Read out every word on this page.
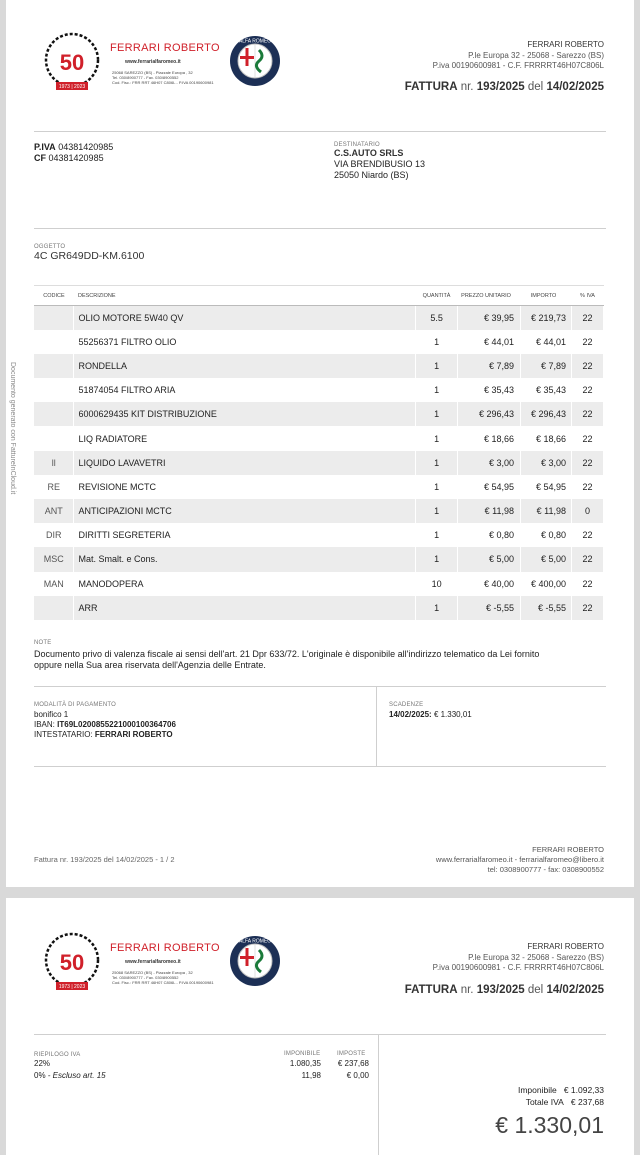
Documento generato con FattureInCloud.it
50
1973 | 2023
FERRARI ROBERTO
www.ferrarialfaromeo.it
25068 SAREZZO (BS) - Piazzale Europa , 32
Tel. 030/8900777 - Fax. 030/8900552
Cod. Fisc.: FRR RRT 46H07 C806L - P.IVA 00190600981
ALFA ROMEO	FERRARI ROBERTO
P.le Europa 32 - 25068 - Sarezzo (BS)
P.iva 00190600981 - C.F. FRRRRT46H07C806L
FATTURA nr. 193/2025 del 14/02/2025
P.IVA 04381420985
CF 04381420985
DESTINATARIO
C.S.AUTO SRLS
VIA BRENDIBUSIO 13
25050 Niardo (BS)
OGGETTO
4C GR649DD-KM.6100
CODICE	DESCRIZIONE	QUANTITÀ	PREZZO UNITARIO	IMPORTO	% IVA
	OLIO MOTORE 5W40 QV	5.5	€ 39,95	€ 219,73	22
	55256371 FILTRO OLIO	1	€ 44,01	€ 44,01	22
	RONDELLA	1	€ 7,89	€ 7,89	22
	51874054 FILTRO ARIA	1	€ 35,43	€ 35,43	22
	6000629435 KIT DISTRIBUZIONE	1	€ 296,43	€ 296,43	22
	LIQ RADIATORE	1	€ 18,66	€ 18,66	22
ll	LIQUIDO LAVAVETRI	1	€ 3,00	€ 3,00	22
RE	REVISIONE MCTC	1	€ 54,95	€ 54,95	22
ANT	ANTICIPAZIONI MCTC	1	€ 11,98	€ 11,98	0
DIR	DIRITTI SEGRETERIA	1	€ 0,80	€ 0,80	22
MSC	Mat. Smalt. e Cons.	1	€ 5,00	€ 5,00	22
MAN	MANODOPERA	10	€ 40,00	€ 400,00	22
	ARR	1	€ -5,55	€ -5,55	22
NOTE
Documento privo di valenza fiscale ai sensi dell'art. 21 Dpr 633/72. L'originale è disponibile all'indirizzo telematico da Lei fornito
oppure nella Sua area riservata dell'Agenzia delle Entrate.
MODALITÀ DI PAGAMENTO
bonifico 1
IBAN: IT69L0200855221000100364706
INTESTATARIO: FERRARI ROBERTO
SCADENZE
14/02/2025: € 1.330,01
Fattura nr. 193/2025 del 14/02/2025 - 1 / 2
FERRARI ROBERTO
www.ferrarialfaromeo.it - ferrarialfaromeo@libero.it
tel: 0308900777 - fax: 0308900552
50
1973 | 2023
FERRARI ROBERTO
www.ferrarialfaromeo.it
25068 SAREZZO (BS) - Piazzale Europa , 32
Tel. 030/8900777 - Fax. 030/8900552
Cod. Fisc.: FRR RRT 46H07 C806L - P.IVA 00190600981
ALFA ROMEO
FERRARI ROBERTO
P.le Europa 32 - 25068 - Sarezzo (BS)
P.iva 00190600981 - C.F. FRRRRT46H07C806L
FATTURA nr. 193/2025 del 14/02/2025
RIEPILOGO IVA	IMPONIBILE	IMPOSTE
22%	1.080,35 € 237,68
0% - Escluso art. 15	11,98	€ 0,00
Imponibile € 1.092,33
Totale IVA € 237,68
€ 1.330,01
